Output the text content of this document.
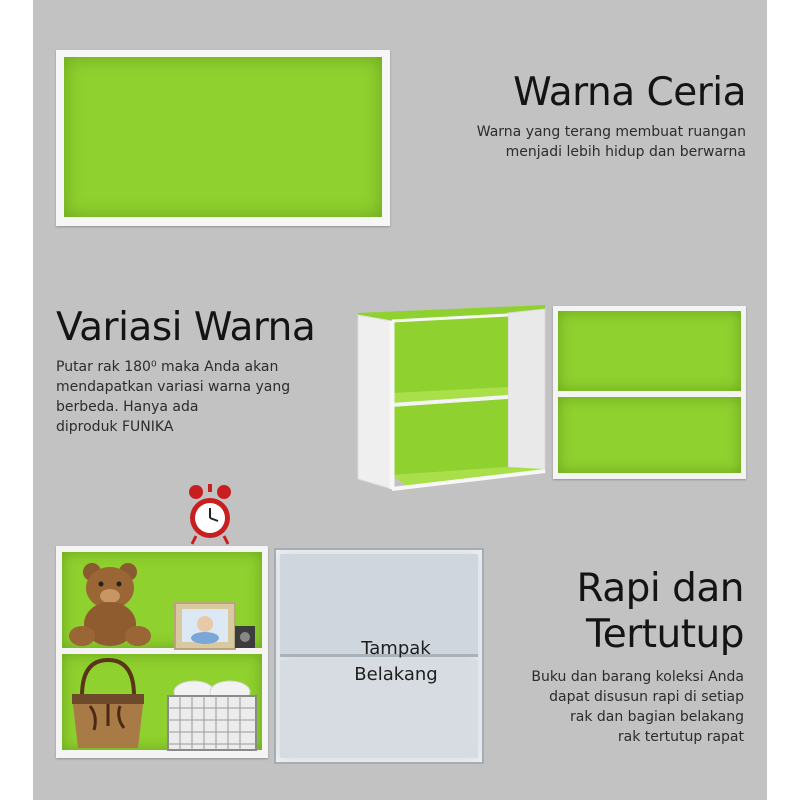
Warna Ceria
Warna yang terang membuat ruangan
menjadi lebih hidup dan berwarna
Variasi Warna
Putar rak 180⁰ maka Anda akan
mendapatkan variasi warna yang
berbeda. Hanya ada
diproduk FUNIKA
Tampak
Belakang
Rapi dan
Tertutup
Buku dan barang koleksi Anda
dapat disusun rapi di setiap
rak dan bagian belakang
rak tertutup rapat
